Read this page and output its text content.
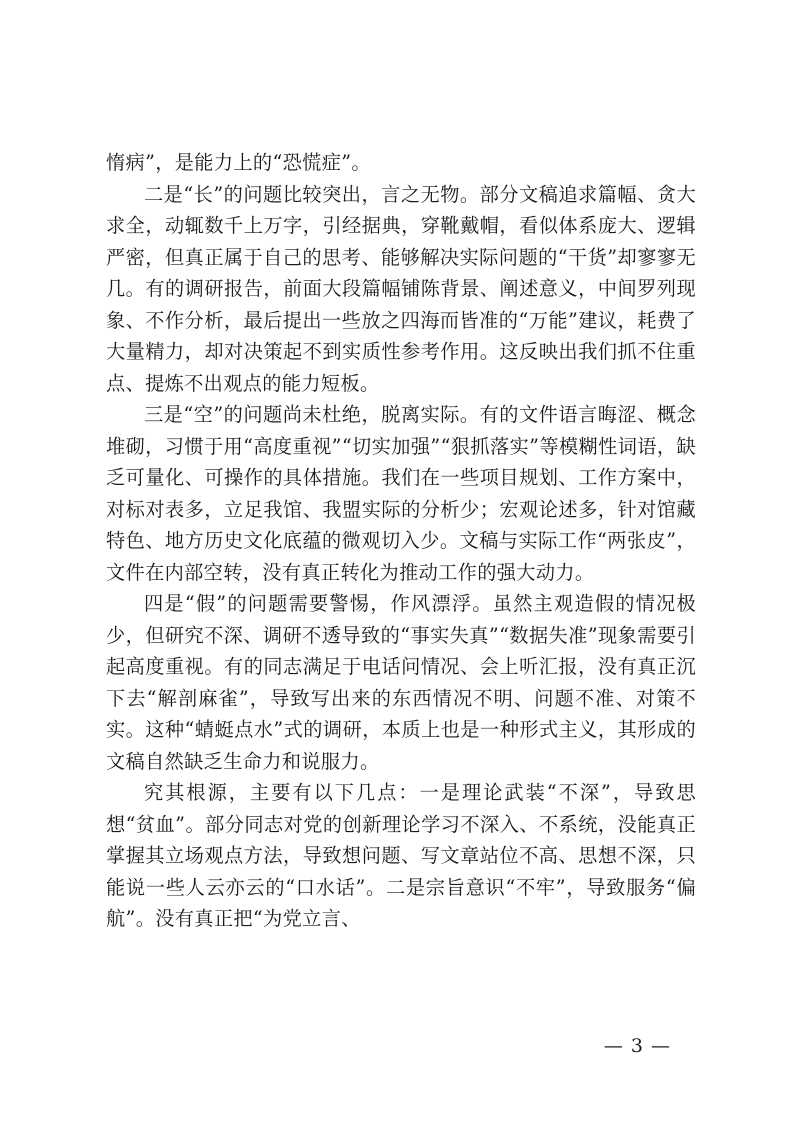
惰病”，是能力上的“恐慌症”。

二是“长”的问题比较突出，言之无物。部分文稿追求篇幅、贪大求全，动辄数千上万字，引经据典，穿靴戴帽，看似体系庞大、逻辑严密，但真正属于自己的思考、能够解决实际问题的“干货”却寥寥无几。有的调研报告，前面大段篇幅铺陈背景、阐述意义，中间罗列现象、不作分析，最后提出一些放之四海而皆准的“万能”建议，耗费了大量精力，却对决策起不到实质性参考作用。这反映出我们抓不住重点、提炼不出观点的能力短板。

三是“空”的问题尚未杜绝，脱离实际。有的文件语言晦涩、概念堆砌，习惯于用“高度重视”“切实加强”“狠抓落实”等模糊性词语，缺乏可量化、可操作的具体措施。我们在一些项目规划、工作方案中，对标对表多，立足我馆、我盟实际的分析少；宏观论述多，针对馆藏特色、地方历史文化底蕴的微观切入少。文稿与实际工作“两张皮”，文件在内部空转，没有真正转化为推动工作的强大动力。

四是“假”的问题需要警惕，作风漂浮。虽然主观造假的情况极少，但研究不深、调研不透导致的“事实失真”“数据失准”现象需要引起高度重视。有的同志满足于电话问情况、会上听汇报，没有真正沉下去“解剖麻雀”，导致写出来的东西情况不明、问题不准、对策不实。这种“蜻蜓点水”式的调研，本质上也是一种形式主义，其形成的文稿自然缺乏生命力和说服力。

究其根源，主要有以下几点：一是理论武装“不深”，导致思想“贫血”。部分同志对党的创新理论学习不深入、不系统，没能真正掌握其立场观点方法，导致想问题、写文章站位不高、思想不深，只能说一些人云亦云的“口水话”。二是宗旨意识“不牢”，导致服务“偏航”。没有真正把“为党立言、

— 3 —
